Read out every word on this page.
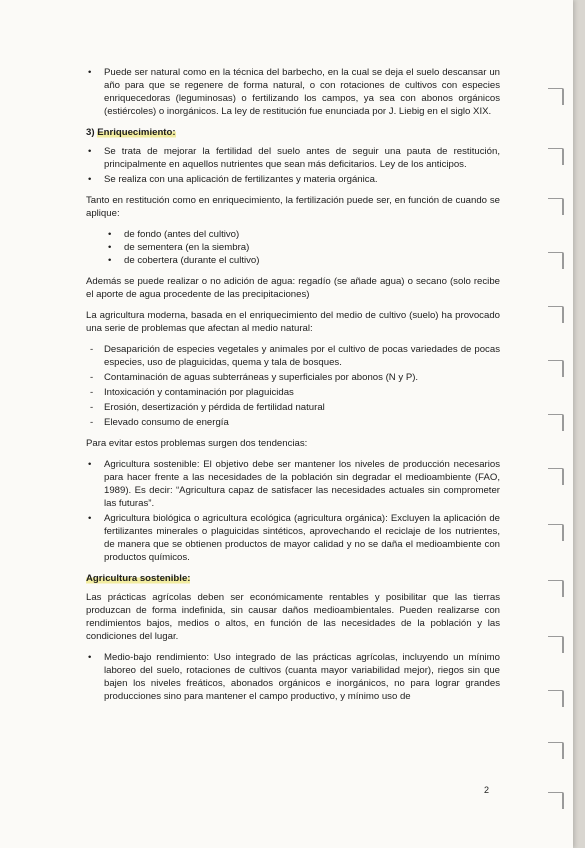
• Puede ser natural como en la técnica del barbecho, en la cual se deja el suelo descansar un año para que se regenere de forma natural, o con rotaciones de cultivos con especies enriquecedoras (leguminosas) o fertilizando los campos, ya sea con abonos orgánicos (estiércoles) o inorgánicos. La ley de restitución fue enunciada por J. Liebig en el siglo XIX.
3) Enriquecimiento:
• Se trata de mejorar la fertilidad del suelo antes de seguir una pauta de restitución, principalmente en aquellos nutrientes que sean más deficitarios. Ley de los anticipos.
• Se realiza con una aplicación de fertilizantes y materia orgánica.

Tanto en restitución como en enriquecimiento, la fertilización puede ser, en función de cuando se aplique:

• de fondo (antes del cultivo)
• de sementera (en la siembra)
• de cobertera (durante el cultivo)

Además se puede realizar o no adición de agua: regadío (se añade agua) o secano (solo recibe el aporte de agua procedente de las precipitaciones)

La agricultura moderna, basada en el enriquecimiento del medio de cultivo (suelo) ha provocado una serie de problemas que afectan al medio natural:

- Desaparición de especies vegetales y animales por el cultivo de pocas variedades de pocas especies, uso de plaguicidas, quema y tala de bosques.
- Contaminación de aguas subterráneas y superficiales por abonos (N y P).
- Intoxicación y contaminación por plaguicidas
- Erosión, desertización y pérdida de fertilidad natural
- Elevado consumo de energía

Para evitar estos problemas surgen dos tendencias:

• Agricultura sostenible: El objetivo debe ser mantener los niveles de producción necesarios para hacer frente a las necesidades de la población sin degradar el medioambiente (FAO, 1989). Es decir: “Agricultura capaz de satisfacer las necesidades actuales sin comprometer las futuras”.
• Agricultura biológica o agricultura ecológica (agricultura orgánica): Excluyen la aplicación de fertilizantes minerales o plaguicidas sintéticos, aprovechando el reciclaje de los nutrientes, de manera que se obtienen productos de mayor calidad y no se daña el medioambiente con productos químicos.
Agricultura sostenible:

Las prácticas agrícolas deben ser económicamente rentables y posibilitar que las tierras produzcan de forma indefinida, sin causar daños medioambientales. Pueden realizarse con rendimientos bajos, medios o altos, en función de las necesidades de la población y las condiciones del lugar.

• Medio-bajo rendimiento: Uso integrado de las prácticas agrícolas, incluyendo un mínimo laboreo del suelo, rotaciones de cultivos (cuanta mayor variabilidad mejor), riegos sin que bajen los niveles freáticos, abonados orgánicos e inorgánicos, no para lograr grandes producciones sino para mantener el campo productivo, y mínimo uso de
2
